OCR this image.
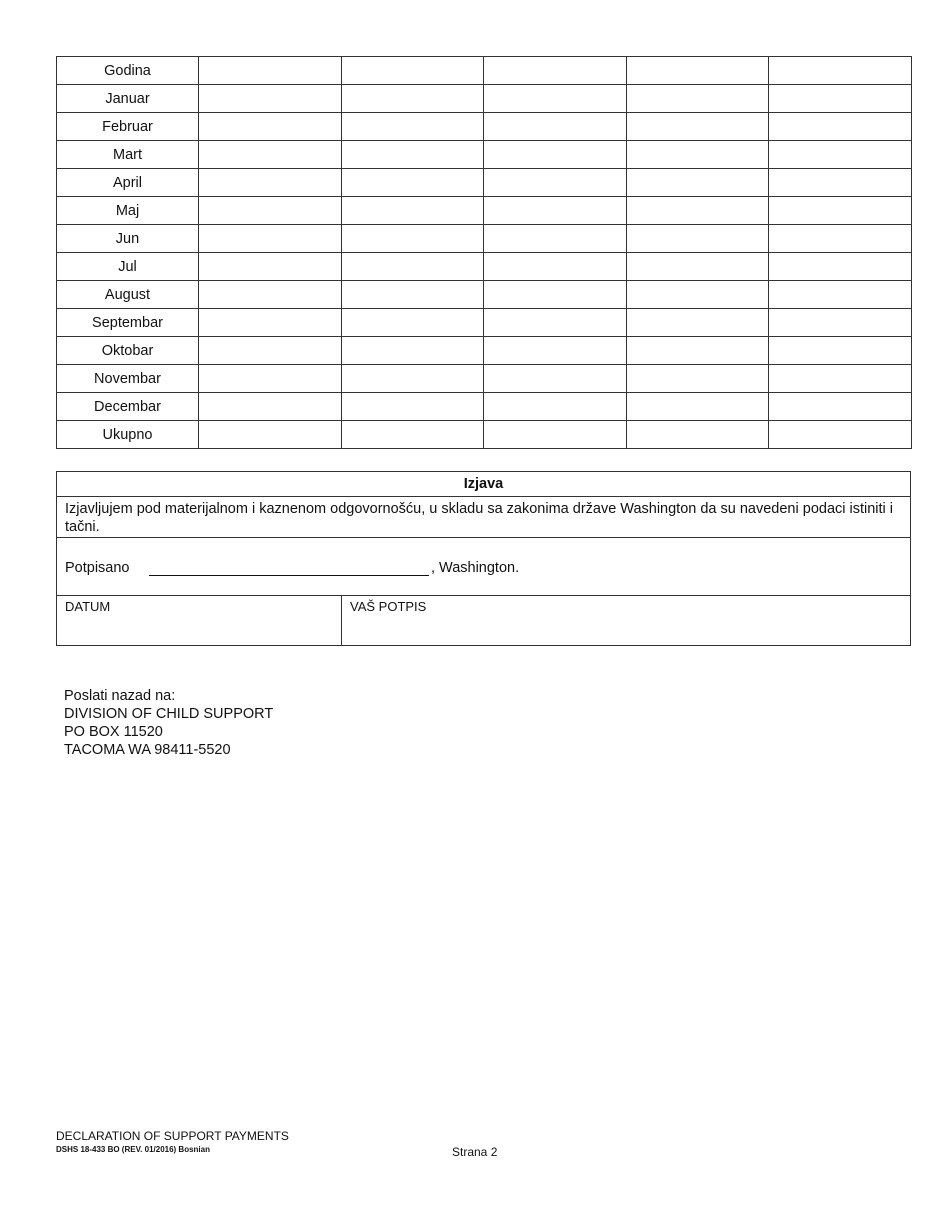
Godina					
Januar					
Februar					
Mart					
April					
Maj					
Jun					
Jul					
August					
Septembar					
Oktobar					
Novembar					
Decembar					
Ukupno					
Izjava
Izjavljujem pod materijalnom i kaznenom odgovornošću, u skladu sa zakonima države Washington da su navedeni podaci istiniti i tačni.
Potpisano	, Washington.
DATUM	VAŠ POTPIS
Poslati nazad na:
DIVISION OF CHILD SUPPORT
PO BOX 11520
TACOMA WA 98411-5520
DECLARATION OF SUPPORT PAYMENTS
DSHS 18-433 BO (REV. 01/2016) Bosnian	Strana 2
